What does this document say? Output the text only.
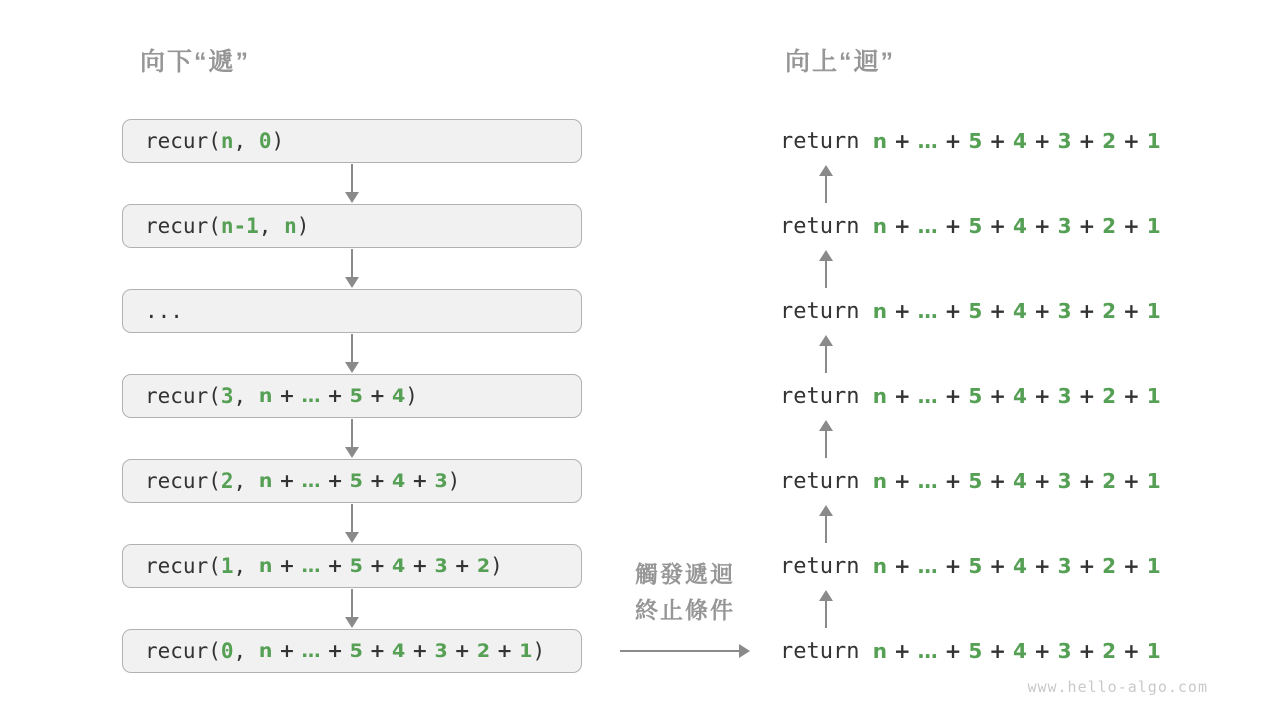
向下“遞”	向上“迴”
recur( n , 0 )
recur( n-1 , n )
...
recur( 3 , n + … + 5 + 4 )
recur( 2 , n + … + 5 + 4 + 3 )
recur( 1 , n + … + 5 + 4 + 3 + 2 )
recur( 0 , n + … + 5 + 4 + 3 + 2 + 1 )
return n + … + 5 + 4 + 3 + 2 + 1
return n + … + 5 + 4 + 3 + 2 + 1
return n + … + 5 + 4 + 3 + 2 + 1
return n + … + 5 + 4 + 3 + 2 + 1
return n + … + 5 + 4 + 3 + 2 + 1
return n + … + 5 + 4 + 3 + 2 + 1
return n + … + 5 + 4 + 3 + 2 + 1
觸發遞迴
終止條件
www.hello-algo.com
